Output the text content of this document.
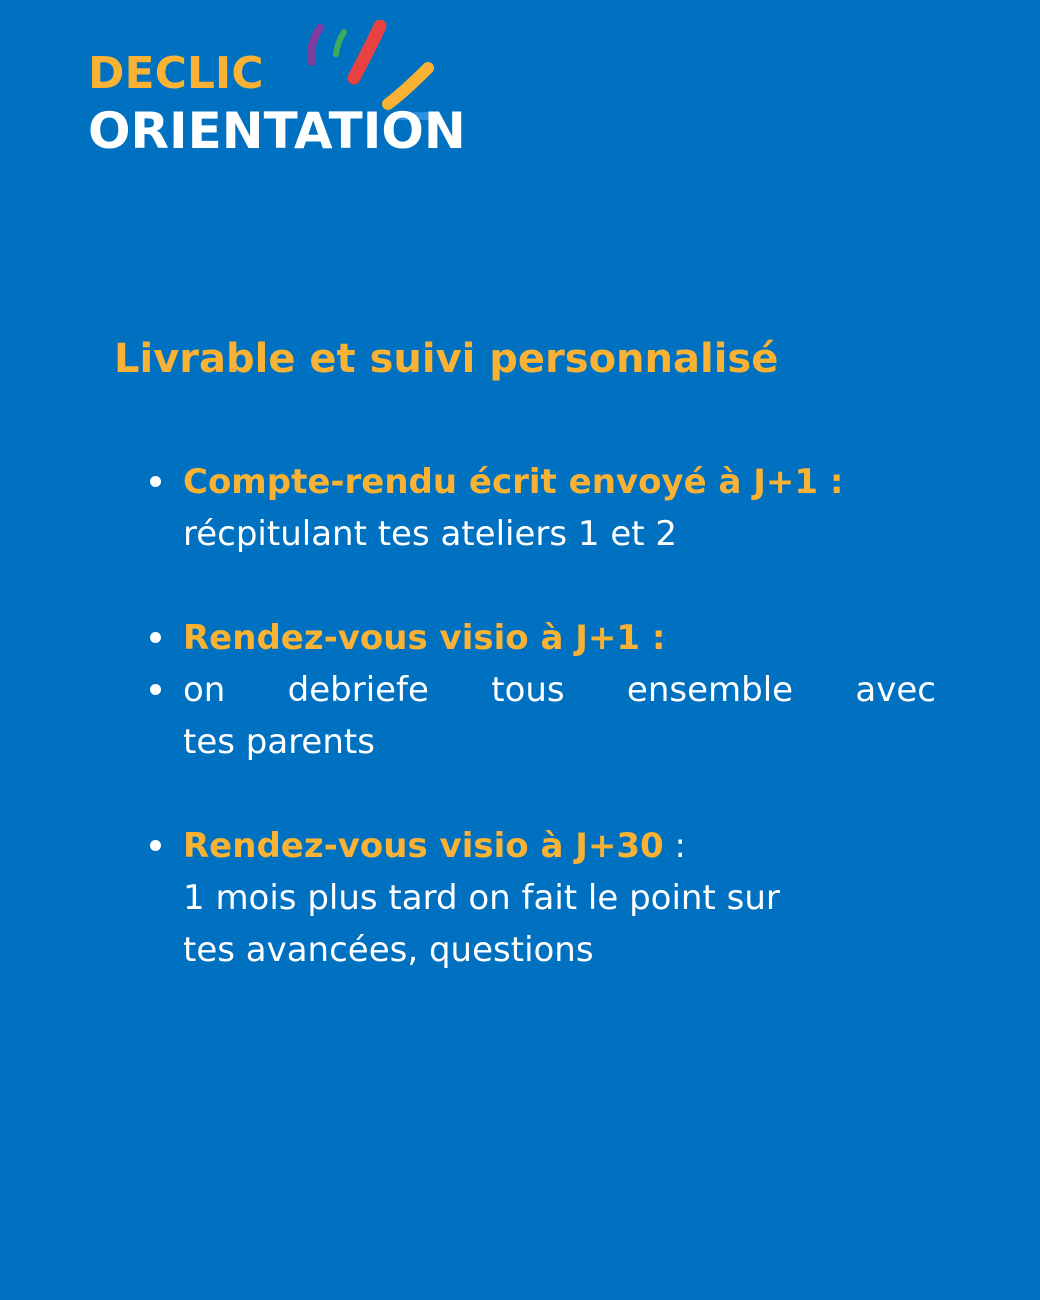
DECLIC
ORIENTATION
Livrable et suivi personnalisé
Compte-rendu écrit envoyé à J+1 :
récpitulant tes ateliers 1 et 2
Rendez-vous visio à J+1 :
on debriefe tous ensemble avec
tes parents
Rendez-vous visio à J+30 :
1 mois plus tard on fait le point sur
tes avancées, questions
